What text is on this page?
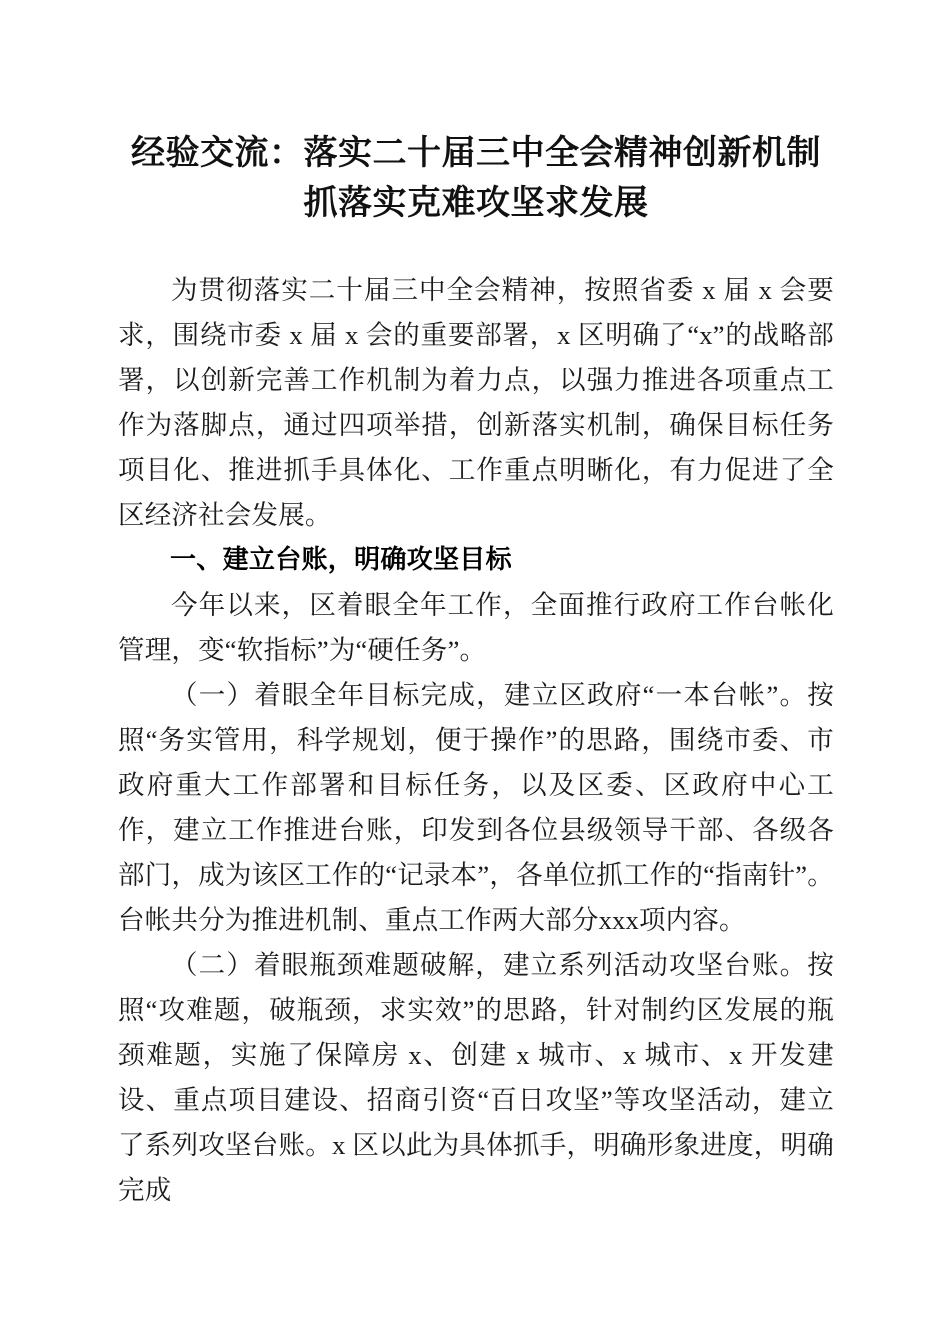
经验交流：落实二十届三中全会精神创新机制抓落实克难攻坚求发展

为贯彻落实二十届三中全会精神，按照省委 x 届 x 会要求，围绕市委 x 届 x 会的重要部署，x 区明确了“x”的战略部署，以创新完善工作机制为着力点，以强力推进各项重点工作为落脚点，通过四项举措，创新落实机制，确保目标任务项目化、推进抓手具体化、工作重点明晰化，有力促进了全区经济社会发展。

一、建立台账，明确攻坚目标

今年以来，区着眼全年工作，全面推行政府工作台帐化管理，变“软指标”为“硬任务”。

（一）着眼全年目标完成，建立区政府“一本台帐”。按照“务实管用，科学规划，便于操作”的思路，围绕市委、市政府重大工作部署和目标任务，以及区委、区政府中心工作，建立工作推进台账，印发到各位县级领导干部、各级各部门，成为该区工作的“记录本”，各单位抓工作的“指南针”。台帐共分为推进机制、重点工作两大部分xxx项内容。

（二）着眼瓶颈难题破解，建立系列活动攻坚台账。按照“攻难题，破瓶颈，求实效”的思路，针对制约区发展的瓶颈难题，实施了保障房 x、创建 x 城市、x 城市、x 开发建设、重点项目建设、招商引资“百日攻坚”等攻坚活动，建立了系列攻坚台账。x 区以此为具体抓手，明确形象进度，明确完成
